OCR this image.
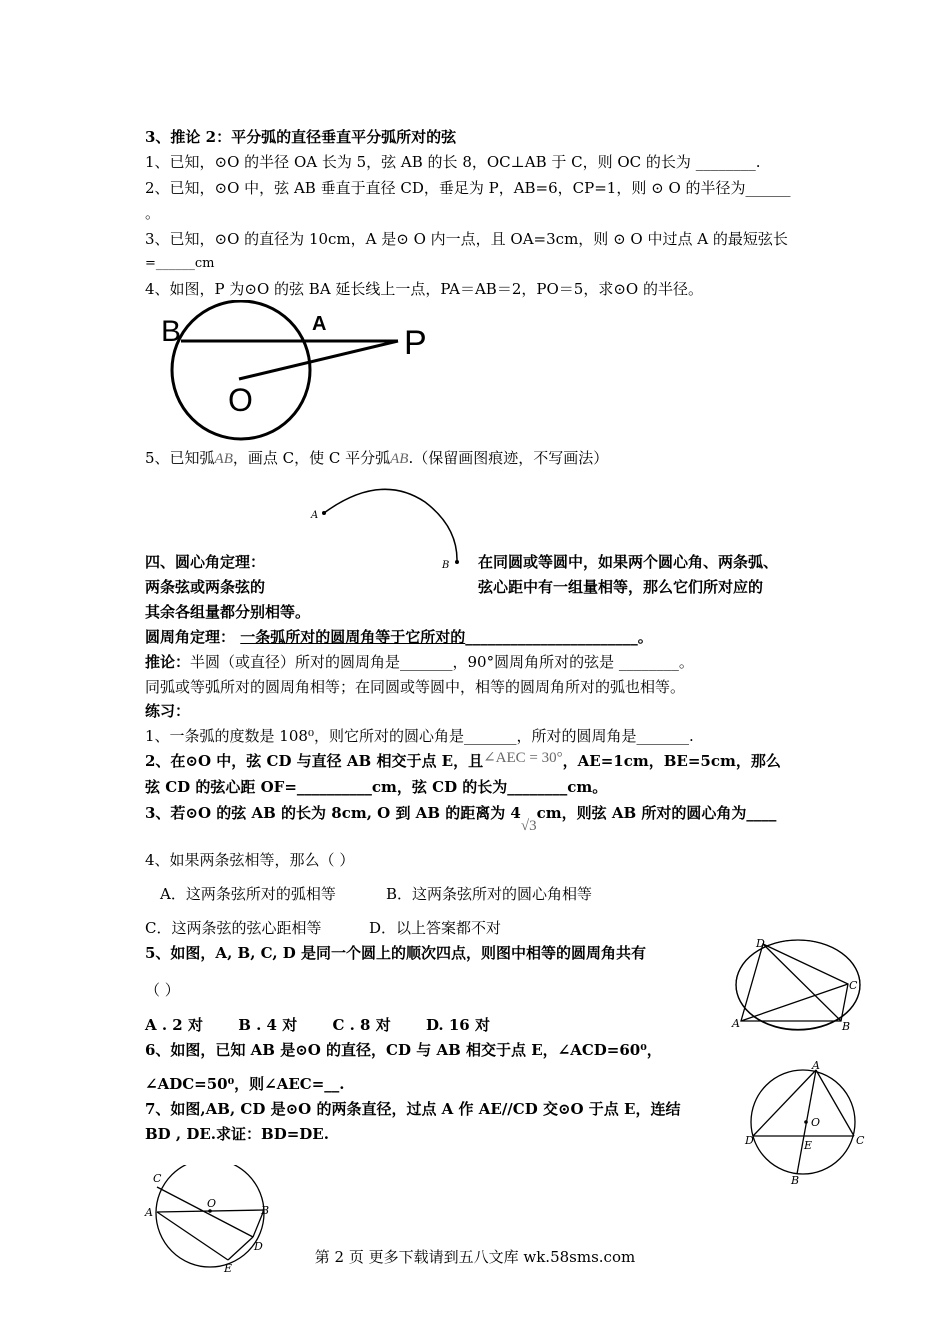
3、推论 2：平分弧的直径垂直平分弧所对的弦
1、已知，⊙O 的半径 OA 长为 5，弦 AB 的长 8，OC⊥AB 于 C，则 OC 的长为 ________.
2、已知，⊙O 中，弦 AB 垂直于直径 CD，垂足为 P，AB=6，CP=1，则 ⊙ O 的半径为______
。
3、已知，⊙O 的直径为 10cm，A 是⊙ O 内一点，且 OA=3cm，则 ⊙ O 中过点 A 的最短弦长
=______cm
4、如图，P 为⊙O 的弦 BA 延长线上一点，PA＝AB＝2，PO＝5，求⊙O 的半径。
B	A P
O
5、已知弧AB，画点 C，使 C 平分弧AB.（保留画图痕迹，不写画法）
A
B
四、圆心角定理：	在同圆或等圆中，如果两个圆心角、两条弧、
两条弦或两条弦的	弦心距中有一组量相等，那么它们所对应的
其余各组量都分别相等。
圆周角定理： 一条弧所对的圆周角等于它所对的_______________________。
推论：半圆（或直径）所对的圆周角是_______，90°圆周角所对的弦是 ________。
同弧或等弧所对的圆周角相等；在同圆或等圆中，相等的圆周角所对的弧也相等。
练习：
1、一条弧的度数是 108⁰，则它所对的圆心角是_______，所对的圆周角是_______.
2、在⊙O 中，弦 CD 与直径 AB 相交于点 E，且∠AEC = 30°，AE=1cm，BE=5cm，那么
弦 CD 的弦心距 OF=__________cm，弦 CD 的长为________cm。
3、若⊙O 的弦 AB 的长为 8cm, O 到 AB 的距离为 4√3cm，则弦 AB 所对的圆心角为____
4、如果两条弦相等，那么（ ）
A．这两条弦所对的弧相等	B．这两条弦所对的圆心角相等
C．这两条弦的弦心距相等	D．以上答案都不对
5、如图，A, B, C, D 是同一个圆上的顺次四点，则图中相等的圆周角共有
（ ）
A . 2 对 B . 4 对 C . 8 对 D. 16 对
6、如图，已知 AB 是⊙O 的直径，CD 与 AB 相交于点 E，∠ACD=60⁰，
∠ADC=50⁰，则∠AEC=__.
7、如图,AB, CD 是⊙O 的两条直径，过点 A 作 AE//CD 交⊙O 于点 E，连结
BD , DE.求证：BD=DE.
D
C
B
A
A
O
D	E	C
B
C
O
A	B
D
E
第 2 页 更多下载请到五八文库 wk.58sms.com
